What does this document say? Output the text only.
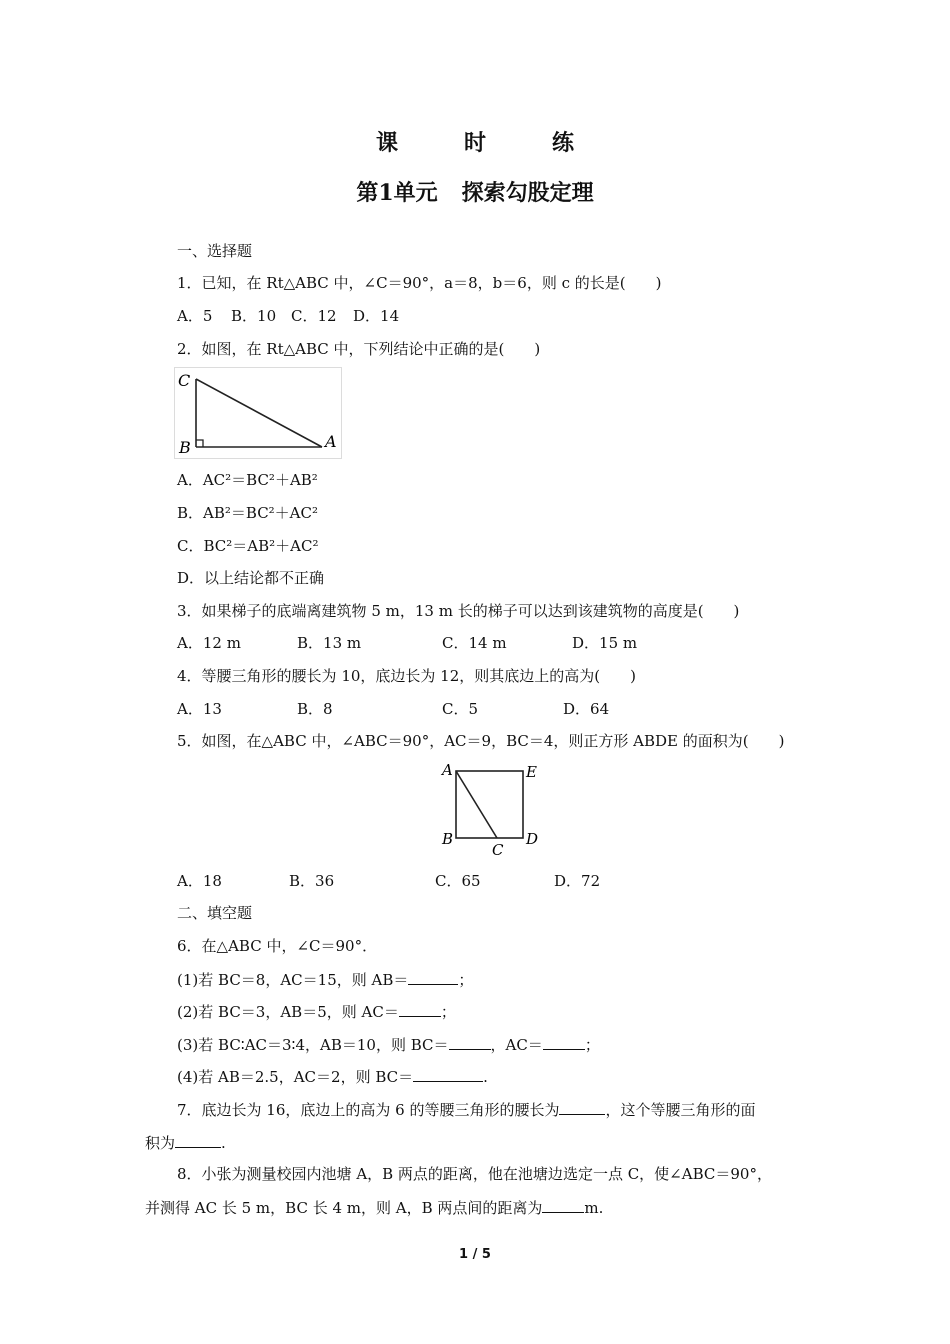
课　时　练
第1单元 探索勾股定理
一、选择题
1．已知，在 Rt△ABC 中，∠C＝90°，a＝8，b＝6，则 c 的长是(　　)
A．5 B．10 C．12 D．14
2．如图，在 Rt△ABC 中，下列结论中正确的是(　　)
C
B	A
A．AC²＝BC²＋AB²
B．AB²＝BC²＋AC²
C．BC²＝AB²＋AC²
D．以上结论都不正确
3．如果梯子的底端离建筑物 5 m，13 m 长的梯子可以达到该建筑物的高度是(　　)
A．12 m	B．13 m	C．14 m	D．15 m
4．等腰三角形的腰长为 10，底边长为 12，则其底边上的高为(　　)
A．13	B．8	C．5	D．64
5．如图，在△ABC 中，∠ABC＝90°，AC＝9，BC＝4，则正方形 ABDE 的面积为(　　)
A	E
B	D
C
A．18	B．36	C．65	D．72
二、填空题
6．在△ABC 中，∠C＝90°．
(1)若 BC＝8，AC＝15，则 AB＝	；
(2)若 BC＝3，AB＝5，则 AC＝	；
(3)若 BC∶AC＝3∶4，AB＝10，则 BC＝	，AC＝	；
(4)若 AB＝2.5，AC＝2，则 BC＝	.
7．底边长为 16，底边上的高为 6 的等腰三角形的腰长为	，这个等腰三角形的面
积为	.
8．小张为测量校园内池塘 A，B 两点的距离，他在池塘边选定一点 C，使∠ABC＝90°，
并测得 AC 长 5 m，BC 长 4 m，则 A，B 两点间的距离为	m.
1 / 5
